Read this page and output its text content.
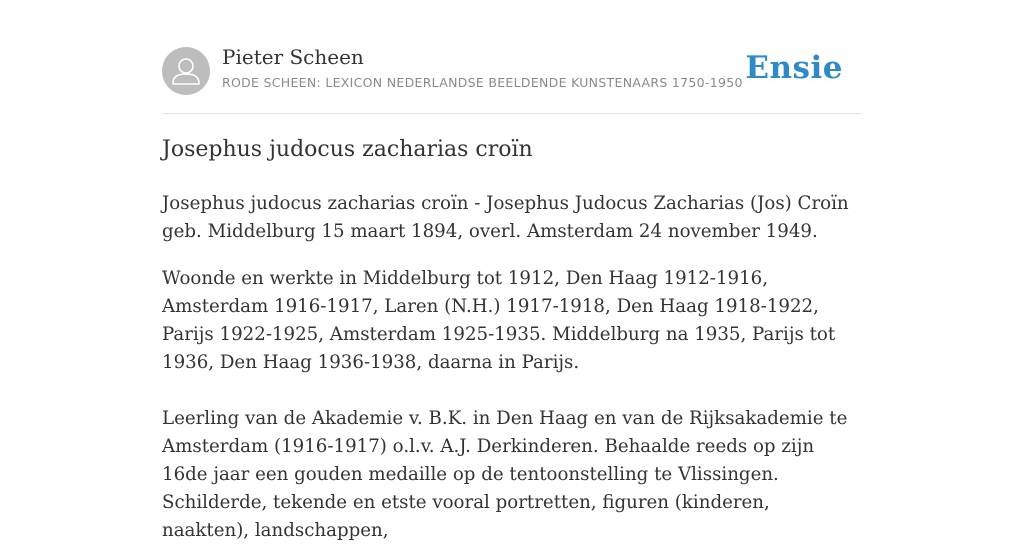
Pieter Scheen
RODE SCHEEN: LEXICON NEDERLANDSE BEELDENDE KUNSTENAARS 1750-1950 Ensie
Josephus judocus zacharias croïn

Josephus judocus zacharias croïn - Josephus Judocus Zacharias (Jos) Croïn geb. Middelburg 15 maart 1894, overl. Amsterdam 24 november 1949.

Woonde en werkte in Middelburg tot 1912, Den Haag 1912-1916, Amsterdam 1916-1917, Laren (N.H.) 1917-1918, Den Haag 1918-1922, Parijs 1922-1925, Amsterdam 1925-1935. Middelburg na 1935, Parijs tot 1936, Den Haag 1936-1938, daarna in Parijs.

Leerling van de Akademie v. B.K. in Den Haag en van de Rijksakademie te Amsterdam (1916-1917) o.l.v. A.J. Derkinderen. Behaalde reeds op zijn 16de jaar een gouden medaille op de tentoonstelling te Vlissingen. Schilderde, tekende en etste vooral portretten, figuren (kinderen, naakten), landschappen,
